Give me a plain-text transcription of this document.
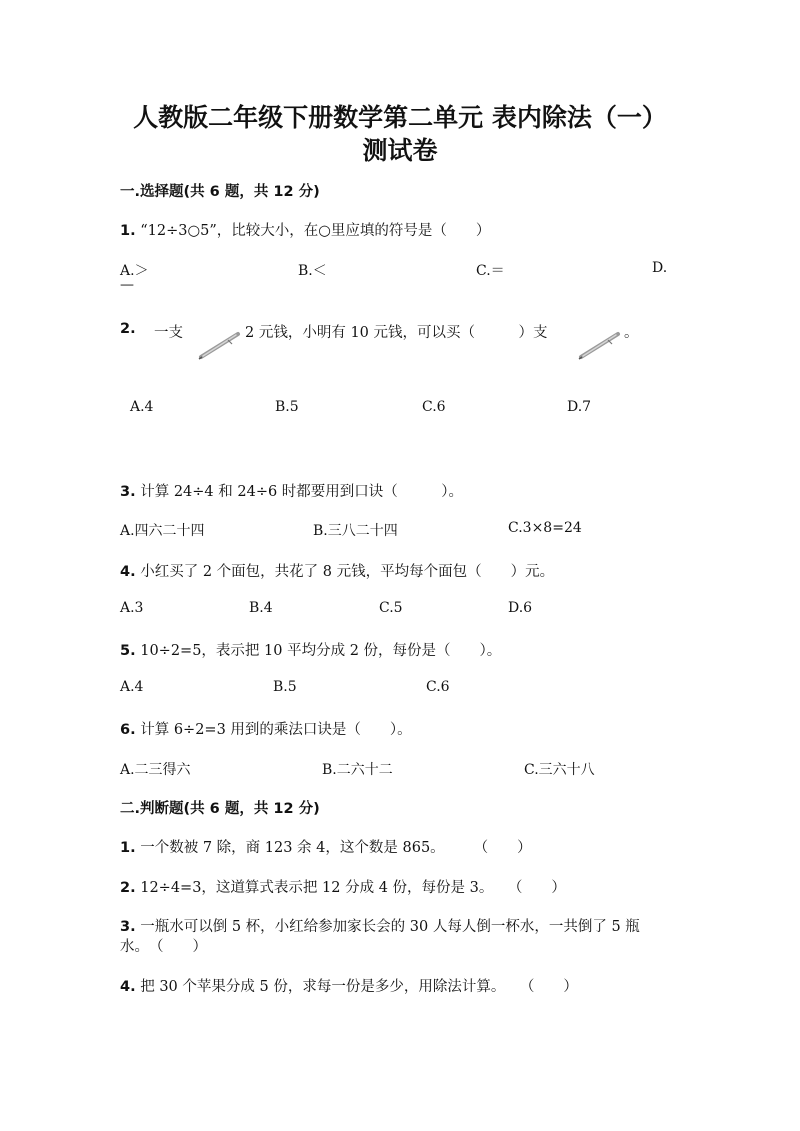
人教版二年级下册数学第二单元 表内除法（一）
测试卷
一.选择题(共 6 题，共 12 分)
1. “12÷3○5”，比较大小，在○里应填的符号是（　　）
A.＞	B.＜	C.＝	D.
—
2. 一支	2 元钱，小明有 10 元钱，可以买（　　　）支	。
A.4	B.5	C.6	D.7
3. 计算 24÷4 和 24÷6 时都要用到口诀（　　　）。
A.四六二十四	B.三八二十四	C.3×8=24
4. 小红买了 2 个面包，共花了 8 元钱，平均每个面包（　　）元。
A.3	B.4	C.5	D.6
5. 10÷2=5，表示把 10 平均分成 2 份，每份是（　　）。
A.4	B.5	C.6
6. 计算 6÷2=3 用到的乘法口诀是（　　）。
A.二三得六	B.二六十二	C.三六十八
二.判断题(共 6 题，共 12 分)
1. 一个数被 7 除，商 123 余 4，这个数是 865。　　　（　　）
2. 12÷4=3，这道算式表示把 12 分成 4 份，每份是 3。　　（　　）
3. 一瓶水可以倒 5 杯，小红给参加家长会的 30 人每人倒一杯水，一共倒了 5 瓶
水。　（　　）
4. 把 30 个苹果分成 5 份，求每一份是多少，用除法计算。　　（　　）
